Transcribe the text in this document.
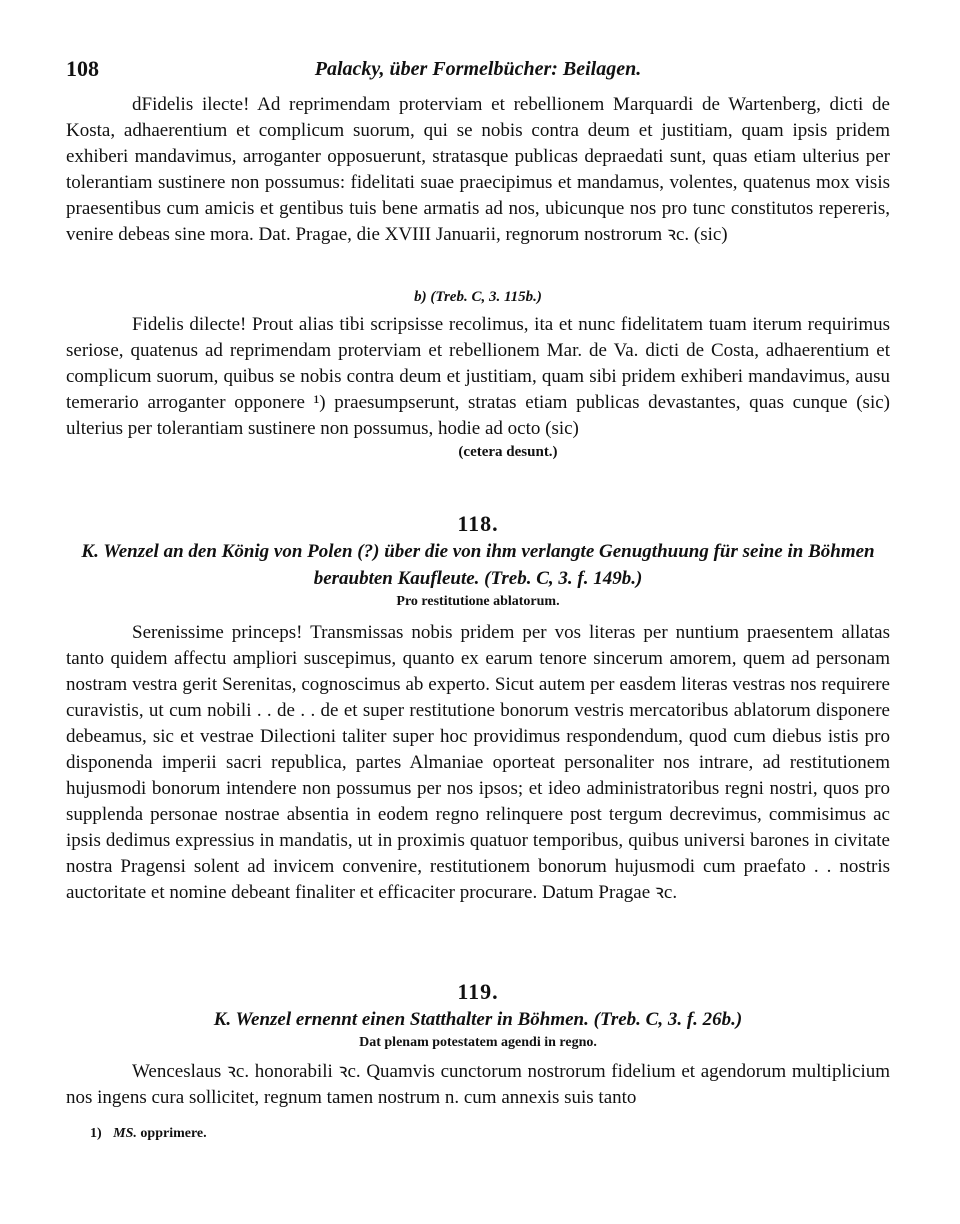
108	Palacky, über Formelbücher: Beilagen.

dFidelis ilecte! Ad reprimendam proterviam et rebellionem Marquardi de Wartenberg, dicti de Kosta, adhaerentium et complicum suorum, qui se nobis contra deum et justitiam, quam ipsis pridem exhiberi mandavimus, arroganter opposuerunt, stratasque publicas depraedati sunt, quas etiam ulterius per tolerantiam sustinere non possumus: fidelitati suae praecipimus et mandamus, volentes, quatenus mox visis praesentibus cum amicis et gentibus tuis bene armatis ad nos, ubicunque nos pro tunc constitutos repereris, venire debeas sine mora. Dat. Pragae, die XVIII Januarii, regnorum nostrorum ꝛc. (sic)

b) (Treb. C, 3. 115b.)

Fidelis dilecte! Prout alias tibi scripsisse recolimus, ita et nunc fidelitatem tuam iterum requirimus seriose, quatenus ad reprimendam proterviam et rebellionem Mar. de Va. dicti de Costa, adhaerentium et complicum suorum, quibus se nobis contra deum et justitiam, quam sibi pridem exhiberi mandavimus, ausu temerario arroganter opponere ¹) praesumpserunt, stratas etiam publicas devastantes, quas cunque (sic) ulterius per tolerantiam sustinere non possumus, hodie ad octo (sic)

(cetera desunt.)

118.

K. Wenzel an den König von Polen (?) über die von ihm verlangte Genugthuung für seine in Böhmen beraubten Kaufleute. (Treb. C, 3. f. 149b.)

Pro restitutione ablatorum.

Serenissime princeps! Transmissas nobis pridem per vos literas per nuntium praesentem allatas tanto quidem affectu ampliori suscepimus, quanto ex earum tenore sincerum amorem, quem ad personam nostram vestra gerit Serenitas, cognoscimus ab experto. Sicut autem per easdem literas vestras nos requirere curavistis, ut cum nobili . . de . . de et super restitutione bonorum vestris mercatoribus ablatorum disponere debeamus, sic et vestrae Dilectioni taliter super hoc providimus respondendum, quod cum diebus istis pro disponenda imperii sacri republica, partes Almaniae oporteat personaliter nos intrare, ad restitutionem hujusmodi bonorum intendere non possumus per nos ipsos; et ideo administratoribus regni nostri, quos pro supplenda personae nostrae absentia in eodem regno relinquere post tergum decrevimus, commisimus ac ipsis dedimus expressius in mandatis, ut in proximis quatuor temporibus, quibus universi barones in civitate nostra Pragensi solent ad invicem convenire, restitutionem bonorum hujusmodi cum praefato . . nostris auctoritate et nomine debeant finaliter et efficaciter procurare. Datum Pragae ꝛc.

119.

K. Wenzel ernennt einen Statthalter in Böhmen. (Treb. C, 3. f. 26b.)

Dat plenam potestatem agendi in regno.

Wenceslaus ꝛc. honorabili ꝛc. Quamvis cunctorum nostrorum fidelium et agendorum multiplicium nos ingens cura sollicitet, regnum tamen nostrum n. cum annexis suis tanto

1) MS. opprimere.
